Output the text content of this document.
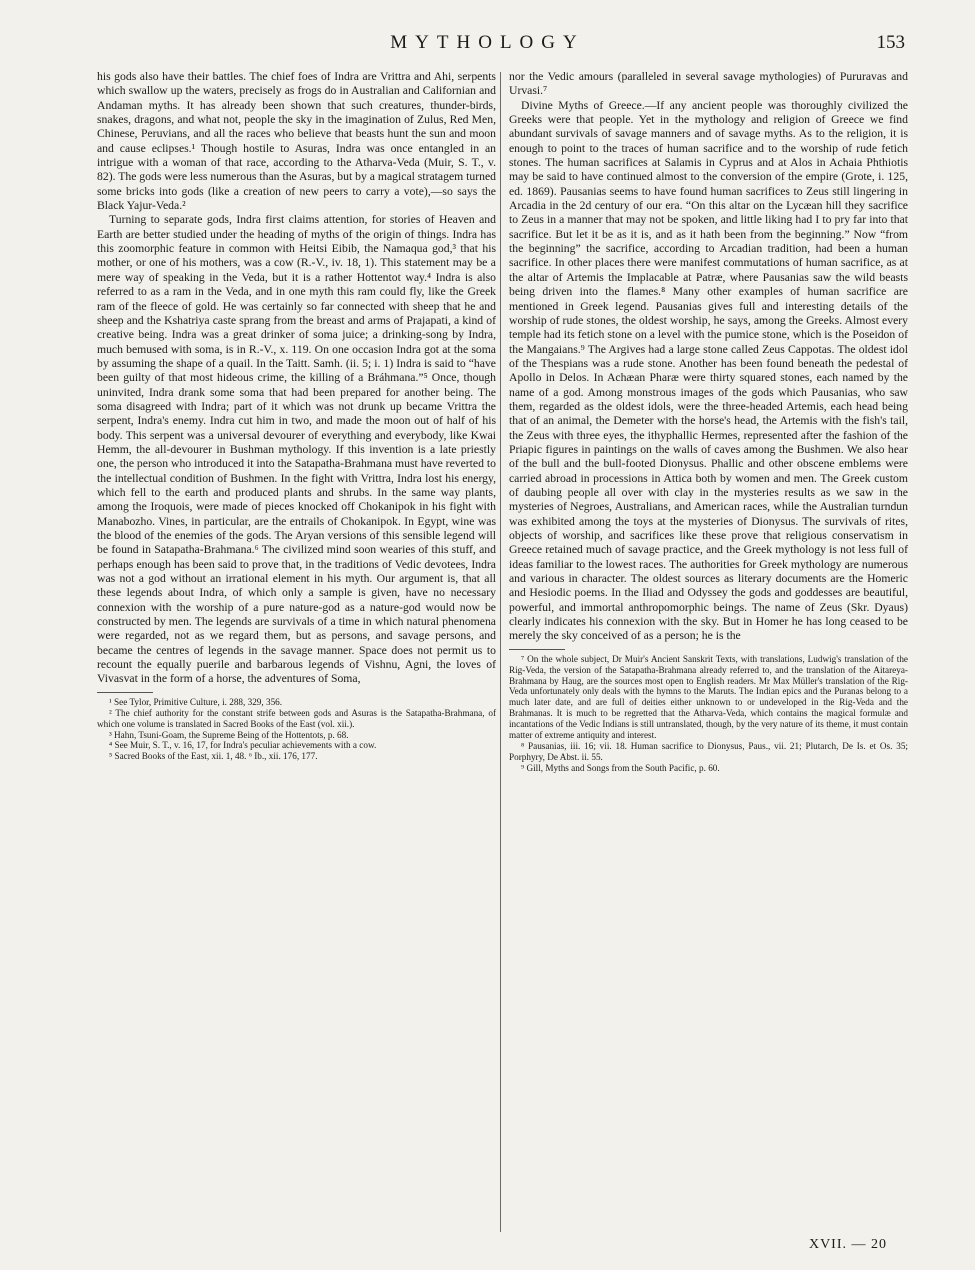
MYTHOLOGY	153

his gods also have their battles. The chief foes of Indra are Vrittra and Ahi, serpents which swallow up the waters, precisely as frogs do in Australian and Californian and Andaman myths. It has already been shown that such creatures, thunder-birds, snakes, dragons, and what not, people the sky in the imagination of Zulus, Red Men, Chinese, Peruvians, and all the races who believe that beasts hunt the sun and moon and cause eclipses.¹ Though hostile to Asuras, Indra was once entangled in an intrigue with a woman of that race, according to the Atharva-Veda (Muir, S. T., v. 82). The gods were less numerous than the Asuras, but by a magical stratagem turned some bricks into gods (like a creation of new peers to carry a vote),—so says the Black Yajur-Veda.²

Turning to separate gods, Indra first claims attention, for stories of Heaven and Earth are better studied under the heading of myths of the origin of things. Indra has this zoomorphic feature in common with Heitsi Eibib, the Namaqua god,³ that his mother, or one of his mothers, was a cow (R.-V., iv. 18, 1). This statement may be a mere way of speaking in the Veda, but it is a rather Hottentot way.⁴ Indra is also referred to as a ram in the Veda, and in one myth this ram could fly, like the Greek ram of the fleece of gold. He was certainly so far connected with sheep that he and sheep and the Kshatriya caste sprang from the breast and arms of Prajapati, a kind of creative being. Indra was a great drinker of soma juice; a drinking-song by Indra, much bemused with soma, is in R.-V., x. 119. On one occasion Indra got at the soma by assuming the shape of a quail. In the Taitt. Samh. (ii. 5; i. 1) Indra is said to “have been guilty of that most hideous crime, the killing of a Bráhmana.”⁵ Once, though uninvited, Indra drank some soma that had been prepared for another being. The soma disagreed with Indra; part of it which was not drunk up became Vrittra the serpent, Indra's enemy. Indra cut him in two, and made the moon out of half of his body. This serpent was a universal devourer of everything and everybody, like Kwai Hemm, the all-devourer in Bushman mythology. If this invention is a late priestly one, the person who introduced it into the Satapatha-Brahmana must have reverted to the intellectual condition of Bushmen. In the fight with Vrittra, Indra lost his energy, which fell to the earth and produced plants and shrubs. In the same way plants, among the Iroquois, were made of pieces knocked off Chokanipok in his fight with Manabozho. Vines, in particular, are the entrails of Chokanipok. In Egypt, wine was the blood of the enemies of the gods. The Aryan versions of this sensible legend will be found in Satapatha-Brahmana.⁶ The civilized mind soon wearies of this stuff, and perhaps enough has been said to prove that, in the traditions of Vedic devotees, Indra was not a god without an irrational element in his myth. Our argument is, that all these legends about Indra, of which only a sample is given, have no necessary connexion with the worship of a pure nature-god as a nature-god would now be constructed by men. The legends are survivals of a time in which natural phenomena were regarded, not as we regard them, but as persons, and savage persons, and became the centres of legends in the savage manner. Space does not permit us to recount the equally puerile and barbarous legends of Vishnu, Agni, the loves of Vivasvat in the form of a horse, the adventures of Soma,

¹ See Tylor, Primitive Culture, i. 288, 329, 356.

² The chief authority for the constant strife between gods and Asuras is the Satapatha-Brahmana, of which one volume is translated in Sacred Books of the East (vol. xii.).

³ Hahn, Tsuni-Goam, the Supreme Being of the Hottentots, p. 68.

⁴ See Muir, S. T., v. 16, 17, for Indra's peculiar achievements with a cow.

⁵ Sacred Books of the East, xii. 1, 48. ⁶ Ib., xii. 176, 177.

nor the Vedic amours (paralleled in several savage mythologies) of Pururavas and Urvasi.⁷

Divine Myths of Greece.—If any ancient people was thoroughly civilized the Greeks were that people. Yet in the mythology and religion of Greece we find abundant survivals of savage manners and of savage myths. As to the religion, it is enough to point to the traces of human sacrifice and to the worship of rude fetich stones. The human sacrifices at Salamis in Cyprus and at Alos in Achaia Phthiotis may be said to have continued almost to the conversion of the empire (Grote, i. 125, ed. 1869). Pausanias seems to have found human sacrifices to Zeus still lingering in Arcadia in the 2d century of our era. “On this altar on the Lycæan hill they sacrifice to Zeus in a manner that may not be spoken, and little liking had I to pry far into that sacrifice. But let it be as it is, and as it hath been from the beginning.” Now “from the beginning” the sacrifice, according to Arcadian tradition, had been a human sacrifice. In other places there were manifest commutations of human sacrifice, as at the altar of Artemis the Implacable at Patræ, where Pausanias saw the wild beasts being driven into the flames.⁸ Many other examples of human sacrifice are mentioned in Greek legend. Pausanias gives full and interesting details of the worship of rude stones, the oldest worship, he says, among the Greeks. Almost every temple had its fetich stone on a level with the pumice stone, which is the Poseidon of the Mangaians.⁹ The Argives had a large stone called Zeus Cappotas. The oldest idol of the Thespians was a rude stone. Another has been found beneath the pedestal of Apollo in Delos. In Achæan Pharæ were thirty squared stones, each named by the name of a god. Among monstrous images of the gods which Pausanias, who saw them, regarded as the oldest idols, were the three-headed Artemis, each head being that of an animal, the Demeter with the horse's head, the Artemis with the fish's tail, the Zeus with three eyes, the ithyphallic Hermes, represented after the fashion of the Priapic figures in paintings on the walls of caves among the Bushmen. We also hear of the bull and the bull-footed Dionysus. Phallic and other obscene emblems were carried abroad in processions in Attica both by women and men. The Greek custom of daubing people all over with clay in the mysteries results as we saw in the mysteries of Negroes, Australians, and American races, while the Australian turndun was exhibited among the toys at the mysteries of Dionysus. The survivals of rites, objects of worship, and sacrifices like these prove that religious conservatism in Greece retained much of savage practice, and the Greek mythology is not less full of ideas familiar to the lowest races. The authorities for Greek mythology are numerous and various in character. The oldest sources as literary documents are the Homeric and Hesiodic poems. In the Iliad and Odyssey the gods and goddesses are beautiful, powerful, and immortal anthropomorphic beings. The name of Zeus (Skr. Dyaus) clearly indicates his connexion with the sky. But in Homer he has long ceased to be merely the sky conceived of as a person; he is the

⁷ On the whole subject, Dr Muir's Ancient Sanskrit Texts, with translations, Ludwig's translation of the Rig-Veda, the version of the Satapatha-Brahmana already referred to, and the translation of the Aitareya-Brahmana by Haug, are the sources most open to English readers. Mr Max Müller's translation of the Rig-Veda unfortunately only deals with the hymns to the Maruts. The Indian epics and the Puranas belong to a much later date, and are full of deities either unknown to or undeveloped in the Rig-Veda and the Brahmanas. It is much to be regretted that the Atharva-Veda, which contains the magical formulæ and incantations of the Vedic Indians is still untranslated, though, by the very nature of its theme, it must contain matter of extreme antiquity and interest.

⁸ Pausanias, iii. 16; vii. 18. Human sacrifice to Dionysus, Paus., vii. 21; Plutarch, De Is. et Os. 35; Porphyry, De Abst. ii. 55.

⁹ Gill, Myths and Songs from the South Pacific, p. 60.

XVII. — 20
